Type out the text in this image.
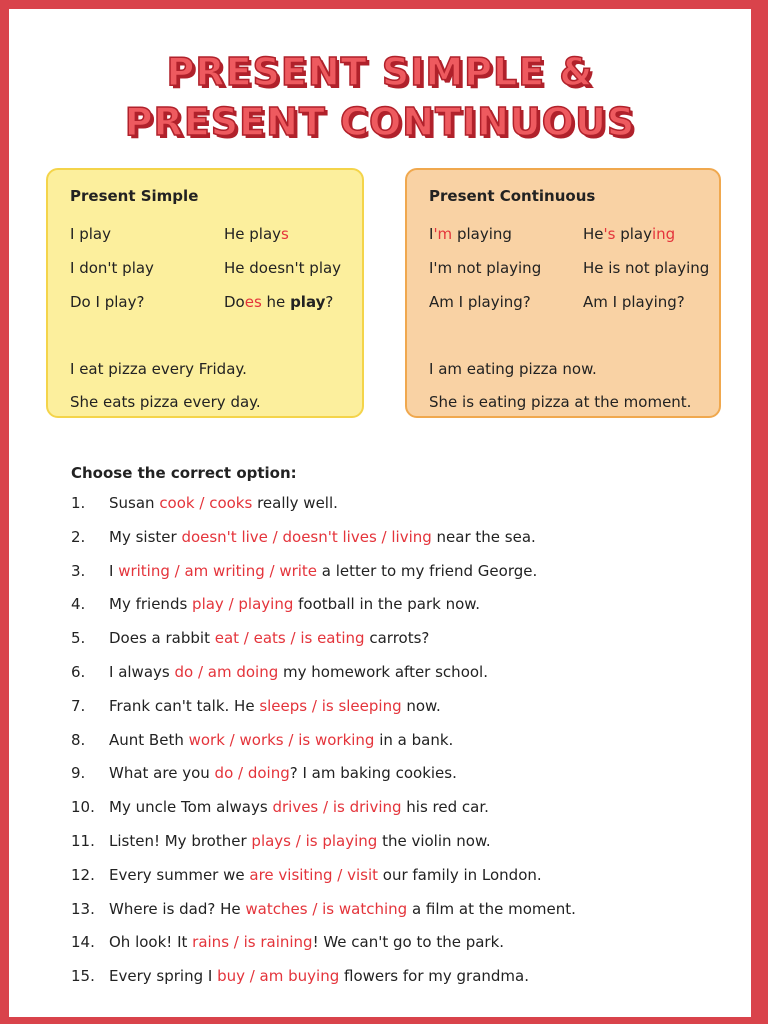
PRESENT SIMPLE &
PRESENT CONTINUOUS
Present Simple
I play	He plays
I don't play	He doesn't play
Do I play?	Does he play?
I eat pizza every Friday.
She eats pizza every day.
Present Continuous
I'm playing	He's playing
I'm not playing	He is not playing
Am I playing?	Am I playing?
I am eating pizza now.
She is eating pizza at the moment.
Choose the correct option:
1.	Susan cook / cooks really well.
2.	My sister doesn't live / doesn't lives / living near the sea.
3.	I writing / am writing / write a letter to my friend George.
4.	My friends play / playing football in the park now.
5.	Does a rabbit eat / eats / is eating carrots?
6.	I always do / am doing my homework after school.
7.	Frank can't talk. He sleeps / is sleeping now.
8.	Aunt Beth work / works / is working in a bank.
9.	What are you do / doing? I am baking cookies.
10. My uncle Tom always drives / is driving his red car.
11. Listen! My brother plays / is playing the violin now.
12. Every summer we are visiting / visit our family in London.
13. Where is dad? He watches / is watching a film at the moment.
14. Oh look! It rains / is raining! We can't go to the park.
15. Every spring I buy / am buying flowers for my grandma.
